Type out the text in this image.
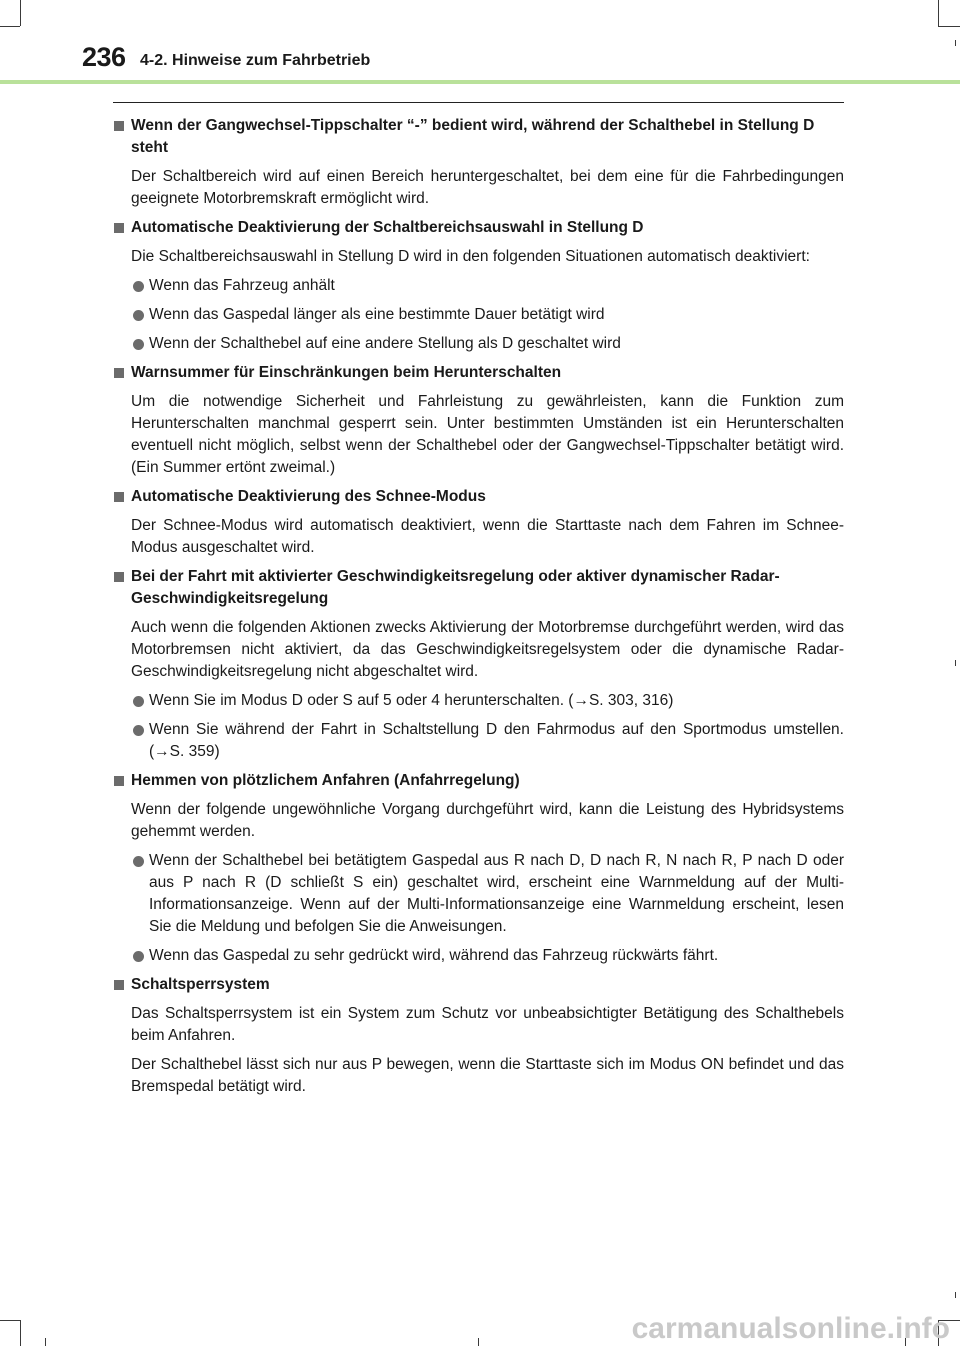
236 4-2. Hinweise zum Fahrbetrieb
Wenn der Gangwechsel-Tippschalter “-” bedient wird, während der Schalthebel in Stellung D steht
Der Schaltbereich wird auf einen Bereich heruntergeschaltet, bei dem eine für die Fahrbedingungen geeignete Motorbremskraft ermöglicht wird.
Automatische Deaktivierung der Schaltbereichsauswahl in Stellung D
Die Schaltbereichsauswahl in Stellung D wird in den folgenden Situationen automatisch deaktiviert:
Wenn das Fahrzeug anhält
Wenn das Gaspedal länger als eine bestimmte Dauer betätigt wird
Wenn der Schalthebel auf eine andere Stellung als D geschaltet wird
Warnsummer für Einschränkungen beim Herunterschalten
Um die notwendige Sicherheit und Fahrleistung zu gewährleisten, kann die Funktion zum Herunterschalten manchmal gesperrt sein. Unter bestimmten Umständen ist ein Herunterschalten eventuell nicht möglich, selbst wenn der Schalthebel oder der Gangwechsel-Tippschalter betätigt wird. (Ein Summer ertönt zweimal.)
Automatische Deaktivierung des Schnee-Modus
Der Schnee-Modus wird automatisch deaktiviert, wenn die Starttaste nach dem Fahren im Schnee-Modus ausgeschaltet wird.
Bei der Fahrt mit aktivierter Geschwindigkeitsregelung oder aktiver dynamischer Radar-Geschwindigkeitsregelung
Auch wenn die folgenden Aktionen zwecks Aktivierung der Motorbremse durchgeführt werden, wird das Motorbremsen nicht aktiviert, da das Geschwindigkeitsregelsystem oder die dynamische Radar-Geschwindigkeitsregelung nicht abgeschaltet wird.
Wenn Sie im Modus D oder S auf 5 oder 4 herunterschalten. (→S. 303, 316)
Wenn Sie während der Fahrt in Schaltstellung D den Fahrmodus auf den Sportmodus umstellen. (→S. 359)
Hemmen von plötzlichem Anfahren (Anfahrregelung)
Wenn der folgende ungewöhnliche Vorgang durchgeführt wird, kann die Leistung des Hybridsystems gehemmt werden.
Wenn der Schalthebel bei betätigtem Gaspedal aus R nach D, D nach R, N nach R, P nach D oder aus P nach R (D schließt S ein) geschaltet wird, erscheint eine Warnmeldung auf der Multi-Informationsanzeige. Wenn auf der Multi-Informationsanzeige eine Warnmeldung erscheint, lesen Sie die Meldung und befolgen Sie die Anweisungen.
Wenn das Gaspedal zu sehr gedrückt wird, während das Fahrzeug rückwärts fährt.
Schaltsperrsystem
Das Schaltsperrsystem ist ein System zum Schutz vor unbeabsichtigter Betätigung des Schalthebels beim Anfahren.
Der Schalthebel lässt sich nur aus P bewegen, wenn die Starttaste sich im Modus ON befindet und das Bremspedal betätigt wird.
carmanualsonline.info
